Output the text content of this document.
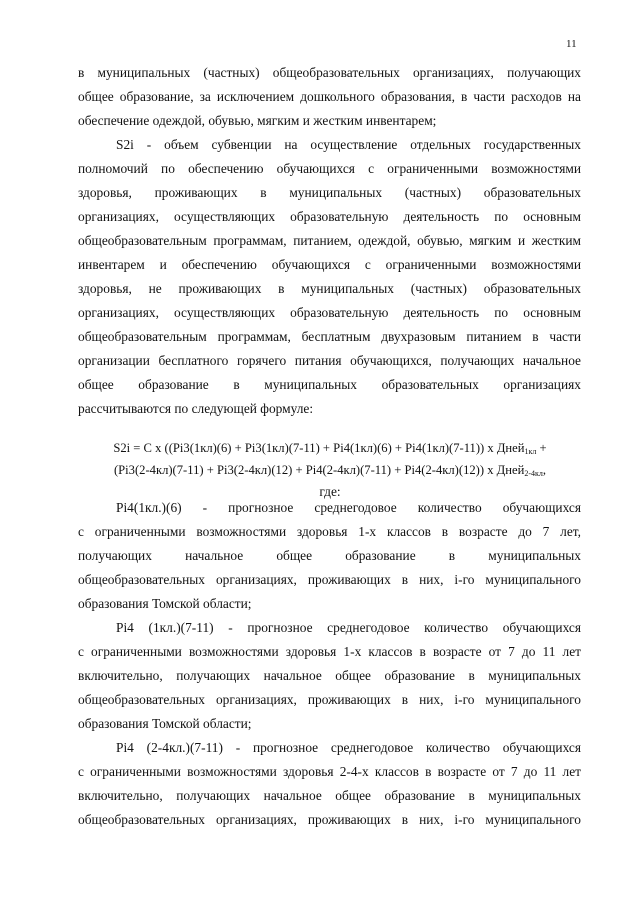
11
в муниципальных (частных) общеобразовательных организациях, получающих
общее образование, за исключением дошкольного образования, в части расходов на
обеспечение одеждой, обувью, мягким и жестким инвентарем;
S2i - объем субвенции на осуществление отдельных государственных
полномочий по обеспечению обучающихся с ограниченными возможностями
здоровья, проживающих в муниципальных (частных) образовательных
организациях, осуществляющих образовательную деятельность по основным
общеобразовательным программам, питанием, одеждой, обувью, мягким и жестким
инвентарем и обеспечению обучающихся с ограниченными возможностями
здоровья, не проживающих в муниципальных (частных) образовательных
организациях, осуществляющих образовательную деятельность по основным
общеобразовательным программам, бесплатным двухразовым питанием в части
организации бесплатного горячего питания обучающихся, получающих начальное
общее образование в муниципальных образовательных организациях
рассчитываются по следующей формуле:
S2i = C x ((Pi3(1кл)(6) + Pi3(1кл)(7-11) + Pi4(1кл)(6) + Pi4(1кл)(7-11)) x Дней$_{1кл}$ +
(Pi3(2-4кл)(7-11) + Pi3(2-4кл)(12) + Pi4(2-4кл)(7-11) + Pi4(2-4кл)(12)) x Дней$_{2-4кл}$,
где:
Pi4(1кл.)(6) - прогнозное среднегодовое количество обучающихся
с ограниченными возможностями здоровья 1-х классов в возрасте до 7 лет,
получающих начальное общее образование в муниципальных
общеобразовательных организациях, проживающих в них, i-го муниципального
образования Томской области;
Pi4 (1кл.)(7-11) - прогнозное среднегодовое количество обучающихся
с ограниченными возможностями здоровья 1-х классов в возрасте от 7 до 11 лет
включительно, получающих начальное общее образование в муниципальных
общеобразовательных организациях, проживающих в них, i-го муниципального
образования Томской области;
Pi4 (2-4кл.)(7-11) - прогнозное среднегодовое количество обучающихся
с ограниченными возможностями здоровья 2-4-х классов в возрасте от 7 до 11 лет
включительно, получающих начальное общее образование в муниципальных
общеобразовательных организациях, проживающих в них, i-го муниципального
